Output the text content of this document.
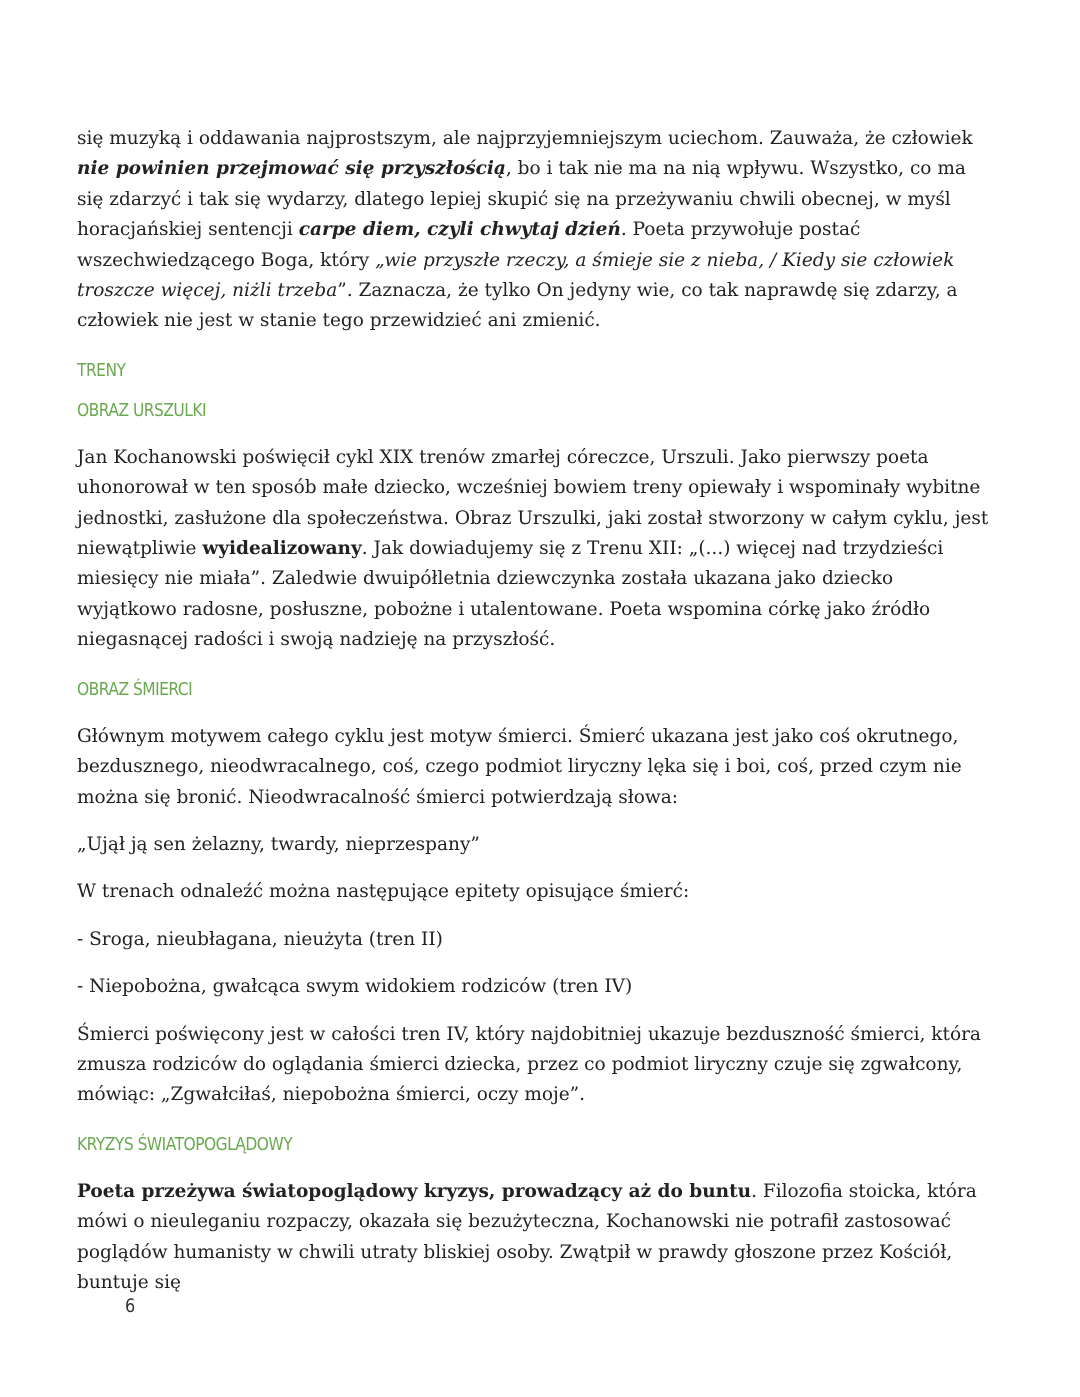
się muzyką i oddawania najprostszym, ale najprzyjemniejszym uciechom. Zauważa, że człowiek nie powinien przejmować się przyszłością, bo i tak nie ma na nią wpływu. Wszystko, co ma się zdarzyć i tak się wydarzy, dlatego lepiej skupić się na przeżywaniu chwili obecnej, w myśl horacjańskiej sentencji carpe diem, czyli chwytaj dzień. Poeta przywołuje postać wszechwiedzącego Boga, który „wie przyszłe rzeczy, a śmieje sie z nieba, / Kiedy sie człowiek troszcze więcej, niżli trzeba”. Zaznacza, że tylko On jedyny wie, co tak naprawdę się zdarzy, a człowiek nie jest w stanie tego przewidzieć ani zmienić.

TRENY
OBRAZ URSZULKI

Jan Kochanowski poświęcił cykl XIX trenów zmarłej córeczce, Urszuli. Jako pierwszy poeta uhonorował w ten sposób małe dziecko, wcześniej bowiem treny opiewały i wspominały wybitne jednostki, zasłużone dla społeczeństwa. Obraz Urszulki, jaki został stworzony w całym cyklu, jest niewątpliwie wyidealizowany. Jak dowiadujemy się z Trenu XII: „(...) więcej nad trzydzieści miesięcy nie miała”. Zaledwie dwuipółletnia dziewczynka została ukazana jako dziecko wyjątkowo radosne, posłuszne, pobożne i utalentowane. Poeta wspomina córkę jako źródło niegasnącej radości i swoją nadzieję na przyszłość.

OBRAZ ŚMIERCI

Głównym motywem całego cyklu jest motyw śmierci. Śmierć ukazana jest jako coś okrutnego, bezdusznego, nieodwracalnego, coś, czego podmiot liryczny lęka się i boi, coś, przed czym nie można się bronić. Nieodwracalność śmierci potwierdzają słowa:

„Ujął ją sen żelazny, twardy, nieprzespany”

W trenach odnaleźć można następujące epitety opisujące śmierć:

- Sroga, nieubłagana, nieużyta (tren II)

- Niepobożna, gwałcąca swym widokiem rodziców (tren IV)

Śmierci poświęcony jest w całości tren IV, który najdobitniej ukazuje bezduszność śmierci, która zmusza rodziców do oglądania śmierci dziecka, przez co podmiot liryczny czuje się zgwałcony, mówiąc: „Zgwałciłaś, niepobożna śmierci, oczy moje”.

KRYZYS ŚWIATOPOGLĄDOWY

Poeta przeżywa światopoglądowy kryzys, prowadzący aż do buntu. Filozofia stoicka, która mówi o nieuleganiu rozpaczy, okazała się bezużyteczna, Kochanowski nie potrafił zastosować poglądów humanisty w chwili utraty bliskiej osoby. Zwątpił w prawdy głoszone przez Kościół, buntuje się

6
